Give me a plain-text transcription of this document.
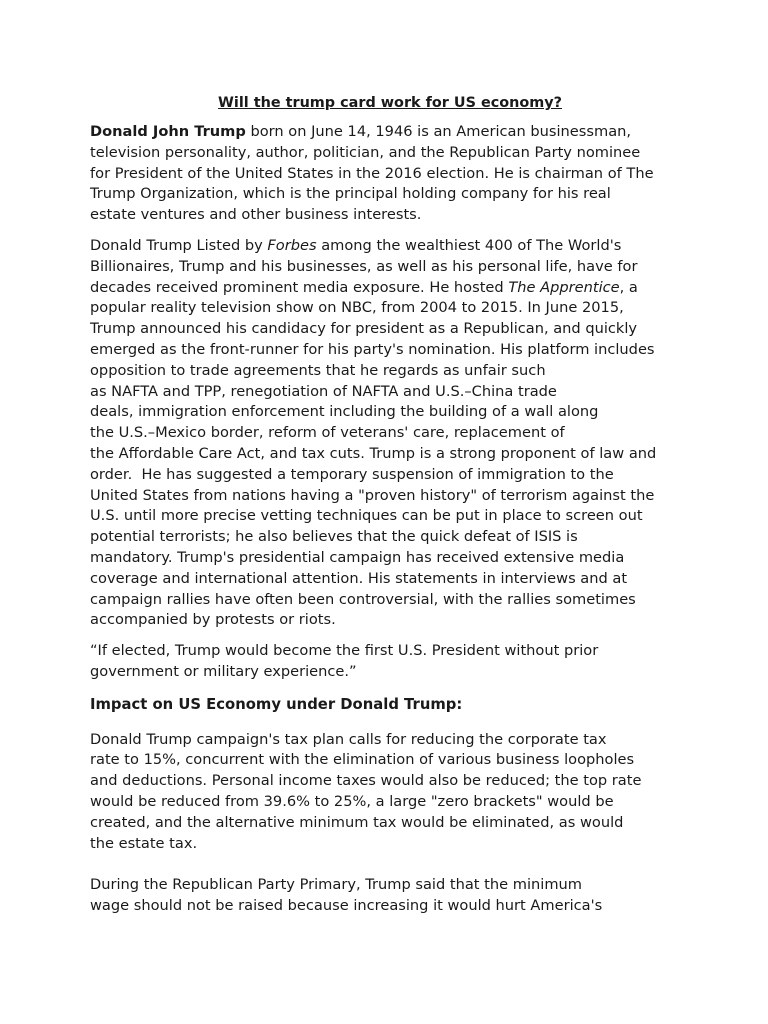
Will the trump card work for US economy?
Donald John Trump born on June 14, 1946 is an American businessman,
television personality, author, politician, and the Republican Party nominee
for President of the United States in the 2016 election. He is chairman of The
Trump Organization, which is the principal holding company for his real
estate ventures and other business interests.
Donald Trump Listed by Forbes among the wealthiest 400 of The World's
Billionaires, Trump and his businesses, as well as his personal life, have for
decades received prominent media exposure. He hosted The Apprentice, a
popular reality television show on NBC, from 2004 to 2015. In June 2015,
Trump announced his candidacy for president as a Republican, and quickly
emerged as the front-runner for his party's nomination. His platform includes
opposition to trade agreements that he regards as unfair such
as NAFTA and TPP, renegotiation of NAFTA and U.S.–China trade
deals, immigration enforcement including the building of a wall along
the U.S.–Mexico border, reform of veterans' care, replacement of
the Affordable Care Act, and tax cuts. Trump is a strong proponent of law and
order.  He has suggested a temporary suspension of immigration to the
United States from nations having a "proven history" of terrorism against the
U.S. until more precise vetting techniques can be put in place to screen out
potential terrorists; he also believes that the quick defeat of ISIS is
mandatory. Trump's presidential campaign has received extensive media
coverage and international attention. His statements in interviews and at
campaign rallies have often been controversial, with the rallies sometimes
accompanied by protests or riots.
“If elected, Trump would become the first U.S. President without prior
government or military experience.”
Impact on US Economy under Donald Trump:
Donald Trump campaign's tax plan calls for reducing the corporate tax
rate to 15%, concurrent with the elimination of various business loopholes
and deductions. Personal income taxes would also be reduced; the top rate
would be reduced from 39.6% to 25%, a large "zero brackets" would be
created, and the alternative minimum tax would be eliminated, as would
the estate tax.
During the Republican Party Primary, Trump said that the minimum
wage should not be raised because increasing it would hurt America's
